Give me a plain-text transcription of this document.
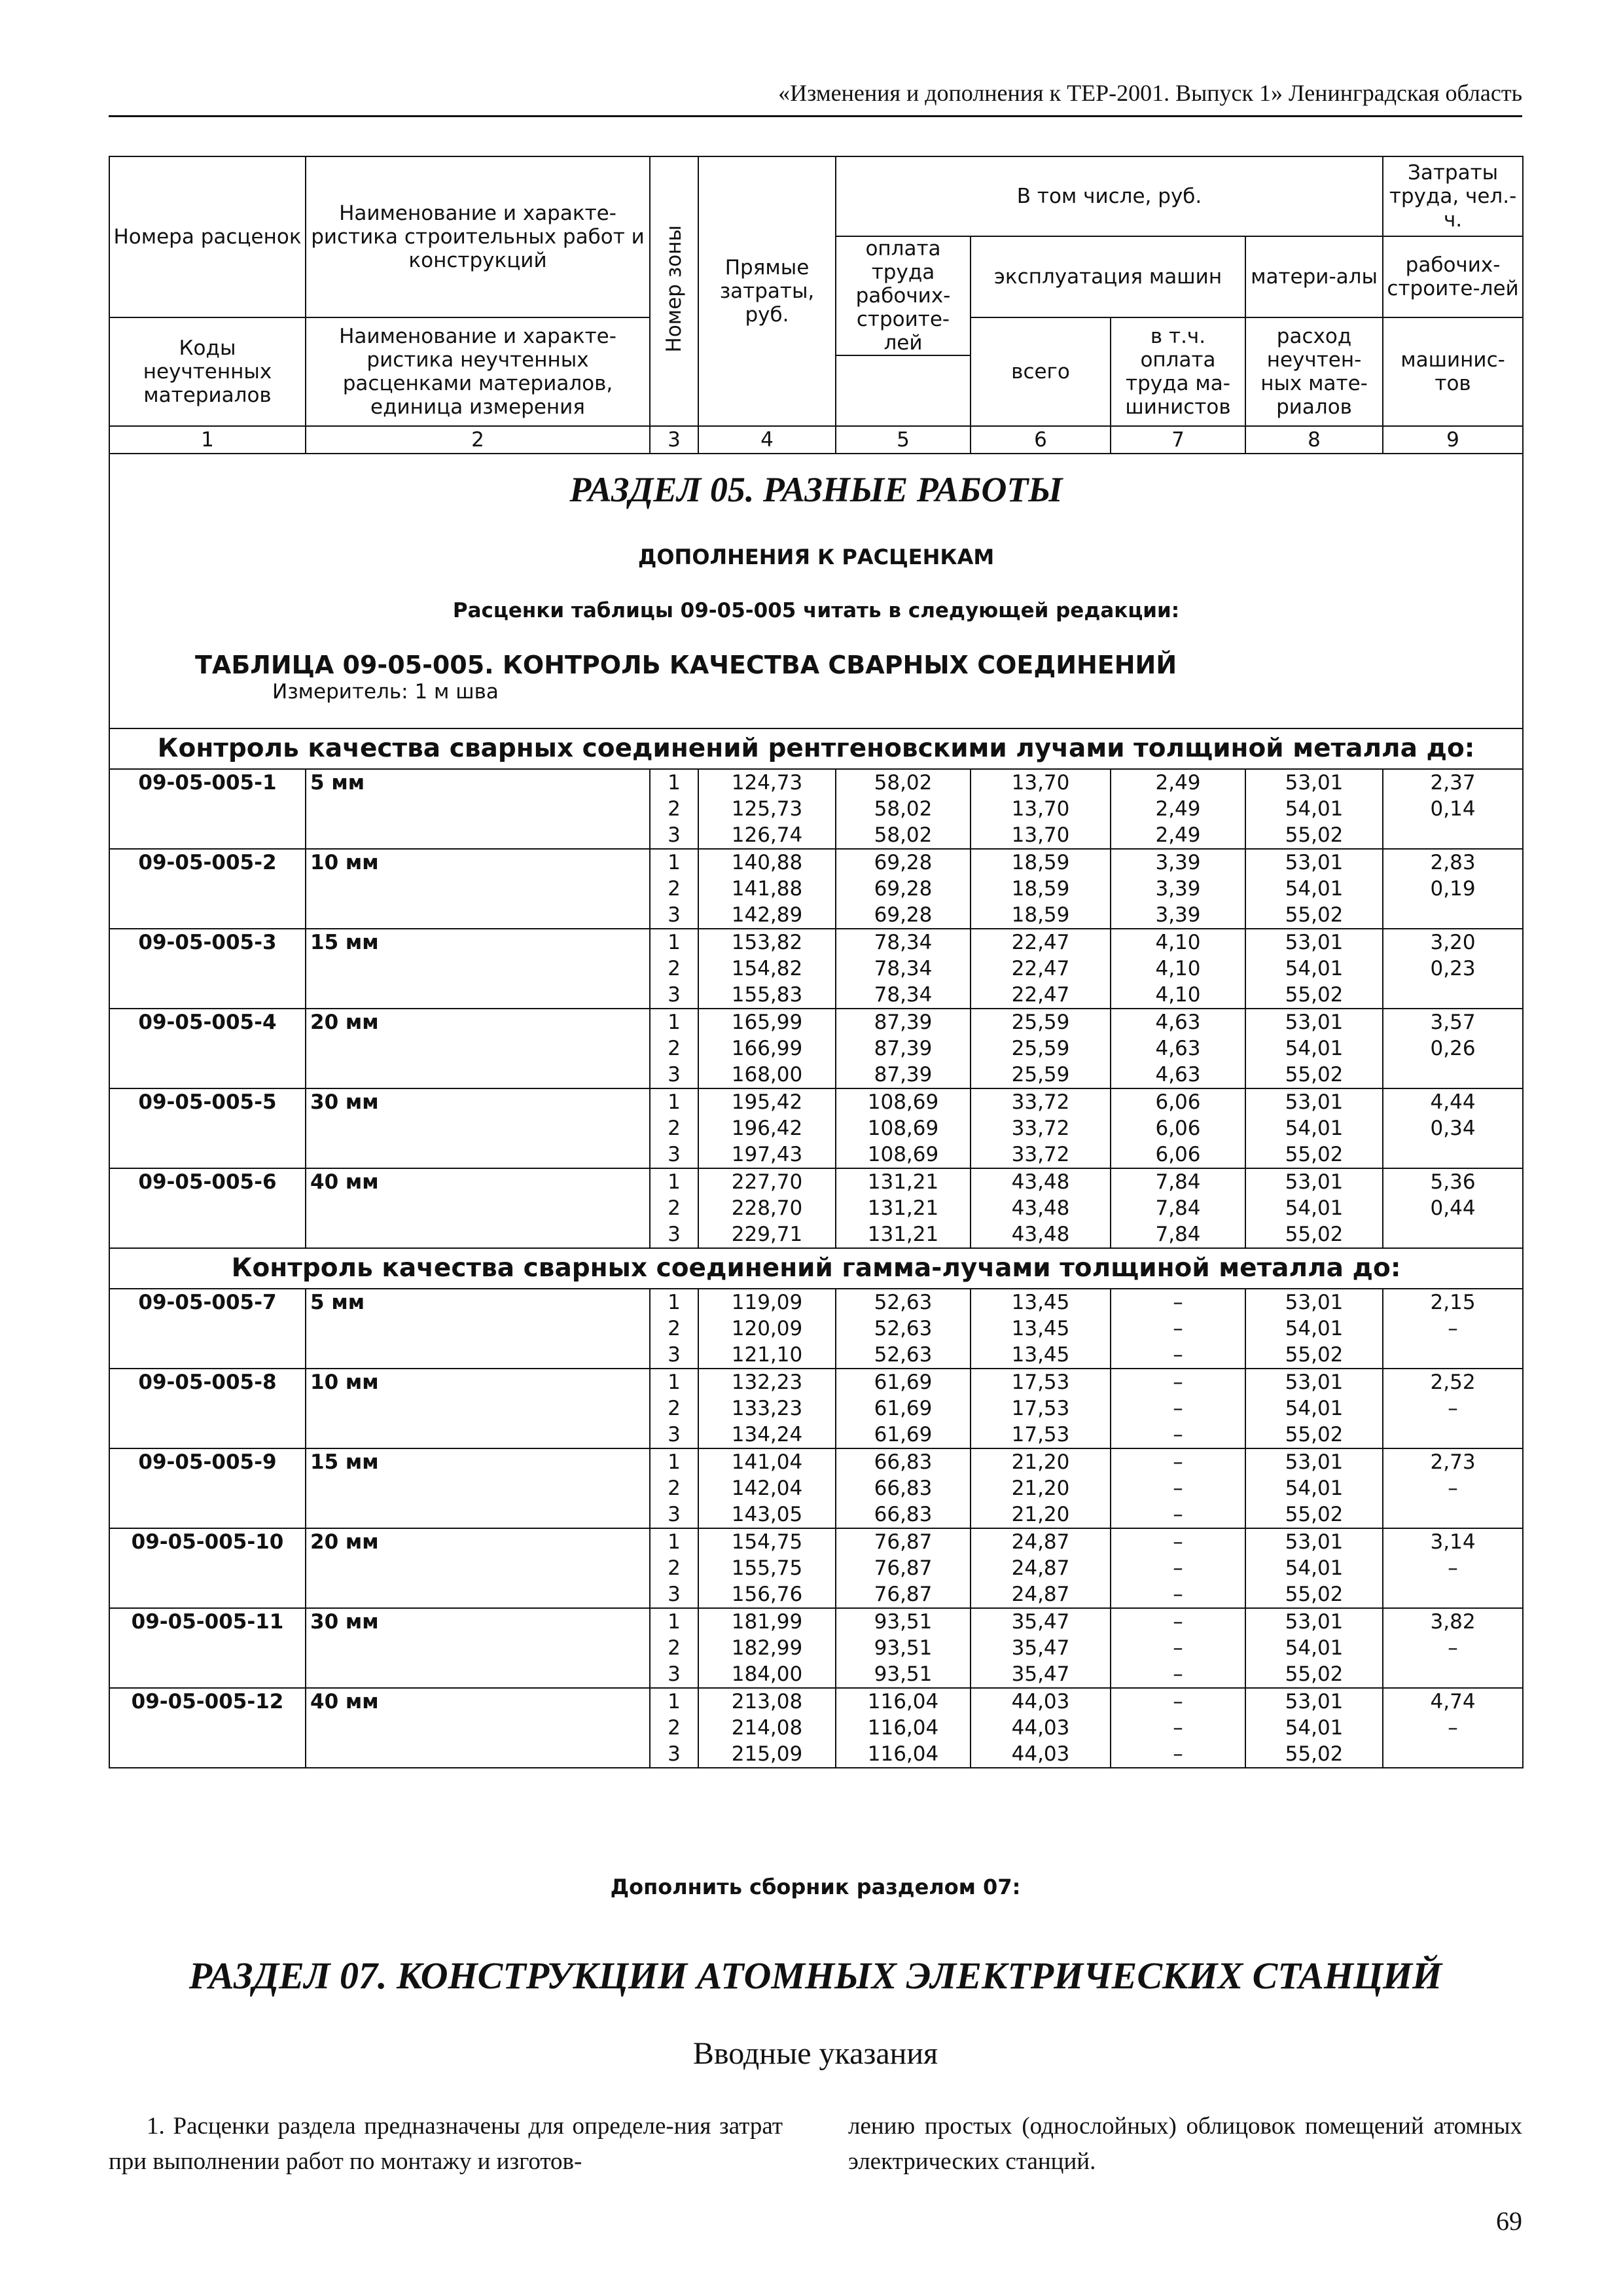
«Изменения и дополнения к ТЕР-2001. Выпуск 1» Ленинградская область
Номера расценок	Наименование и характе-ристика строительных работ и конструкций	Номер зоны	Прямые затраты, руб.	В том числе, руб.				Затраты труда, чел.-ч.
				оплата труда рабочих-строите-лей	эксплуатация машин		матери-алы	рабочих-строите-лей
Коды неучтенных материалов	Наименование и характе-ристика неучтенных расценками материалов, единица измерения				всего	в т.ч. оплата труда ма-шинистов	расход неучтен-ных мате-риалов	машинис-тов

1	2	3	4	5	6	7	8	9

РАЗДЕЛ 05. РАЗНЫЕ РАБОТЫ
ДОПОЛНЕНИЯ К РАСЦЕНКАМ
Расценки таблицы 09-05-005 читать в следующей редакции:
ТАБЛИЦА 09-05-005. КОНТРОЛЬ КАЧЕСТВА СВАРНЫХ СОЕДИНЕНИЙ
Измеритель: 1 м шва								

Контроль качества сварных соединений рентгеновскими лучами толщиной металла до:								
09-05-005-1	5 мм	1	124,73	58,02	13,70	2,49	53,01	2,37
		2	125,73	58,02	13,70	2,49	54,01	0,14
		3	126,74	58,02	13,70	2,49	55,02	
09-05-005-2	10 мм	1	140,88	69,28	18,59	3,39	53,01	2,83
		2	141,88	69,28	18,59	3,39	54,01	0,19
		3	142,89	69,28	18,59	3,39	55,02	
09-05-005-3	15 мм	1	153,82	78,34	22,47	4,10	53,01	3,20
		2	154,82	78,34	22,47	4,10	54,01	0,23
		3	155,83	78,34	22,47	4,10	55,02	
09-05-005-4	20 мм	1	165,99	87,39	25,59	4,63	53,01	3,57
		2	166,99	87,39	25,59	4,63	54,01	0,26
		3	168,00	87,39	25,59	4,63	55,02	
09-05-005-5	30 мм	1	195,42	108,69	33,72	6,06	53,01	4,44
		2	196,42	108,69	33,72	6,06	54,01	0,34
		3	197,43	108,69	33,72	6,06	55,02	
09-05-005-6	40 мм	1	227,70	131,21	43,48	7,84	53,01	5,36
		2	228,70	131,21	43,48	7,84	54,01	0,44
		3	229,71	131,21	43,48	7,84	55,02	
Контроль качества сварных соединений гамма-лучами толщиной металла до:								
09-05-005-7	5 мм	1	119,09	52,63	13,45	–	53,01	2,15
		2	120,09	52,63	13,45	–	54,01	–
		3	121,10	52,63	13,45	–	55,02	
09-05-005-8	10 мм	1	132,23	61,69	17,53	–	53,01	2,52
		2	133,23	61,69	17,53	–	54,01	–
		3	134,24	61,69	17,53	–	55,02	
09-05-005-9	15 мм	1	141,04	66,83	21,20	–	53,01	2,73
		2	142,04	66,83	21,20	–	54,01	–
		3	143,05	66,83	21,20	–	55,02	
09-05-005-10	20 мм	1	154,75	76,87	24,87	–	53,01	3,14
		2	155,75	76,87	24,87	–	54,01	–
		3	156,76	76,87	24,87	–	55,02	
09-05-005-11	30 мм	1	181,99	93,51	35,47	–	53,01	3,82
		2	182,99	93,51	35,47	–	54,01	–
		3	184,00	93,51	35,47	–	55,02	
09-05-005-12	40 мм	1	213,08	116,04	44,03	–	53,01	4,74
		2	214,08	116,04	44,03	–	54,01	–
		3	215,09	116,04	44,03	–	55,02	
Дополнить сборник разделом 07:
РАЗДЕЛ 07. КОНСТРУКЦИИ АТОМНЫХ ЭЛЕКТРИЧЕСКИХ СТАНЦИЙ
Вводные указания
1. Расценки раздела предназначены для определе-ния затрат при выполнении работ по монтажу и изготов-
лению простых (однослойных) облицовок помещений атомных электрических станций.
69
